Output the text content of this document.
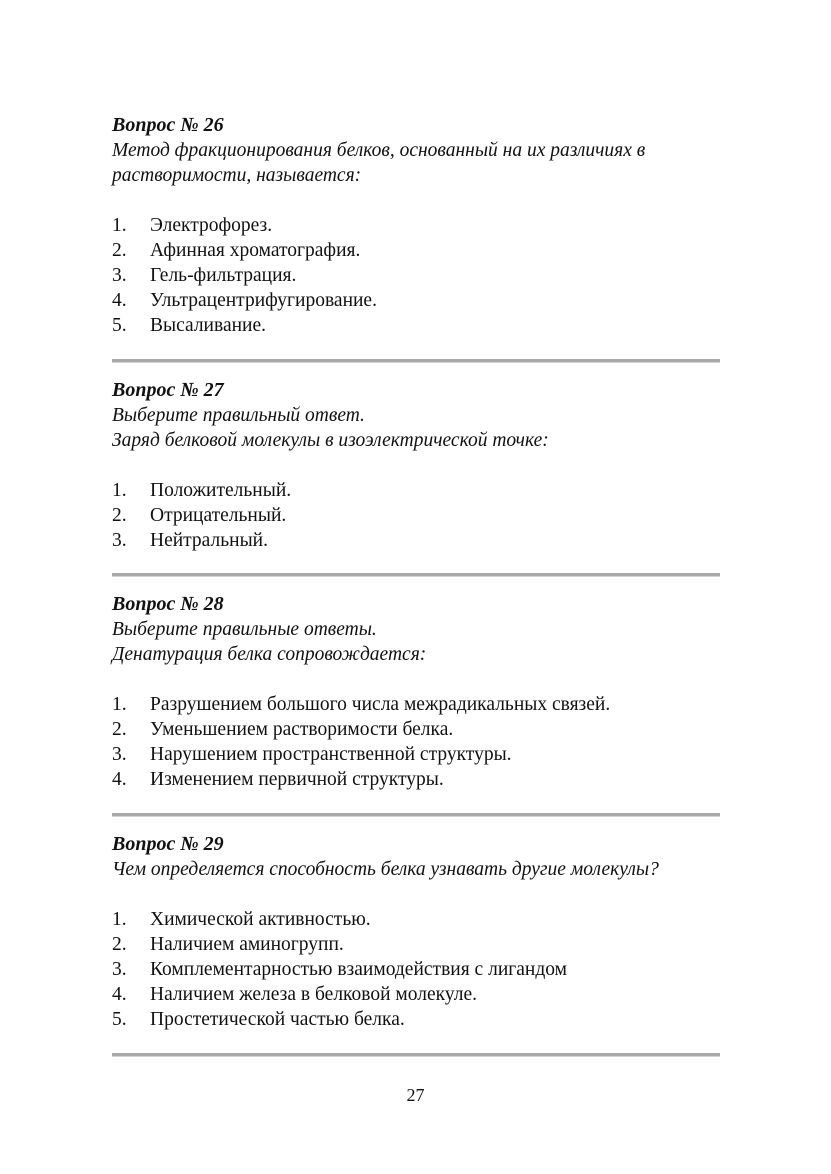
Вопрос № 26

Метод фракционирования белков, основанный на их различиях в

растворимости, называется:

1.	Электрофорез.
2.	Афинная хроматография.
3.	Гель-фильтрация.
4.	Ультрацентрифугирование.
5.	Высаливание.

Вопрос № 27

Выберите правильный ответ.

Заряд белковой молекулы в изоэлектрической точке:

1.	Положительный.
2.	Отрицательный.
3.	Нейтральный.

Вопрос № 28

Выберите правильные ответы.

Денатурация белка сопровождается:

1.	Разрушением большого числа межрадикальных связей.
2.	Уменьшением растворимости белка.
3.	Нарушением пространственной структуры.
4.	Изменением первичной структуры.

Вопрос № 29

Чем определяется способность белка узнавать другие молекулы?

1.	Химической активностью.
2.	Наличием аминогрупп.
3.	Комплементарностью взаимодействия с лигандом
4.	Наличием железа в белковой молекуле.
5.	Простетической частью белка.
27
